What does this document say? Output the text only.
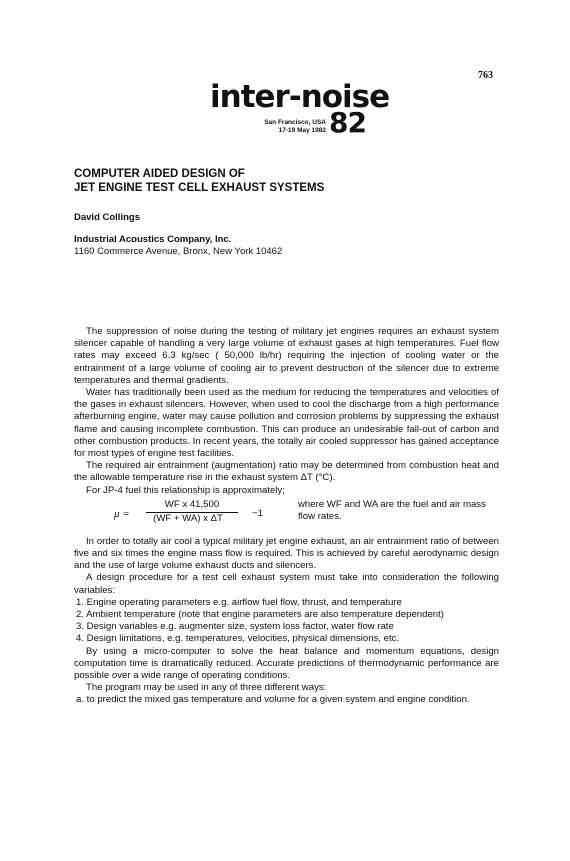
763
inter-noise
San Francisco, USA
17-19 May 1982 82
COMPUTER AIDED DESIGN OF
JET ENGINE TEST CELL EXHAUST SYSTEMS
David Collings
Industrial Acoustics Company, Inc.
1160 Commerce Avenue, Bronx, New York 10462

The suppression of noise during the testing of military jet engines requires an exhaust system silencer capable of handling a very large volume of exhaust gases at high temperatures. Fuel flow rates may exceed 6.3 kg/sec ( 50,000 lb/hr) requiring the injection of cooling water or the entrainment of a large volume of cooling air to prevent destruction of the silencer due to extreme temperatures and thermal gradients.

Water has traditionally been used as the medium for reducing the temperatures and velocities of the gases in exhaust silencers. However, when used to cool the discharge from a high performance afterburning engine, water may cause pollution and corrosion problems by suppressing the exhaust flame and causing incomplete combustion. This can produce an undesirable fall-out of carbon and other combustion products. In recent years, the totally air cooled suppressor has gained acceptance for most types of engine test facilities.

The required air entrainment (augmentation) ratio may be determined from combustion heat and the allowable temperature rise in the exhaust system ΔT (°C).

For JP-4 fuel this relationship is approximately;

μ =
WF x 41,500
(WF + WA) x ΔT	−1
where WF and WA are the fuel and air mass flow rates.

In order to totally air cool a typical military jet engine exhaust, an air entrainment ratio of between five and six times the engine mass flow is required. This is achieved by careful aerodynamic design and the use of large volume exhaust ducts and silencers.

A design procedure for a test cell exhaust system must take into consideration the following variables:

1. Engine operating parameters e.g. airflow fuel flow, thrust, and temperature
2. Ambient temperature (note that engine parameters are also temperature dependent)
3. Design variables e.g. augmenter size, system loss factor, water flow rate
4. Design limitations, e.g. temperatures, velocities, physical dimensions, etc.

By using a micro-computer to solve the heat balance and momentum equations, design computation time is dramatically reduced. Accurate predictions of thermodynamic performance are possible over a wide range of operating conditions.

The program may be used in any of three different ways:

a. to predict the mixed gas temperature and volume for a given system and engine condition.
